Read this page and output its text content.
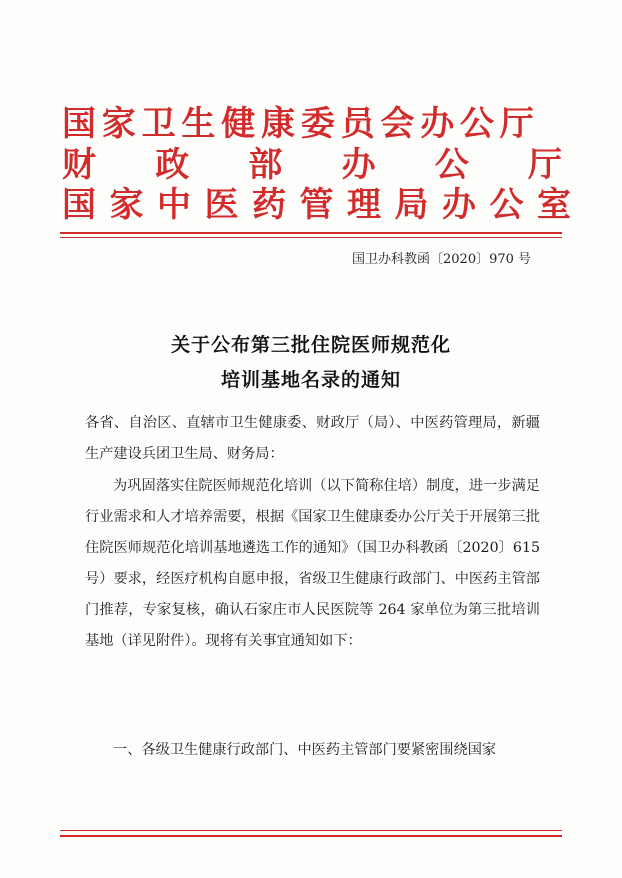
国家卫生健康委员会办公厅
财 政 部 办 公 厅
国家中医药管理局办公室
国卫办科教函〔2020〕970 号
关于公布第三批住院医师规范化
培训基地名录的通知
各省、自治区、直辖市卫生健康委、财政厅（局）、中医药管理局，新疆生产建设兵团卫生局、财务局：
为巩固落实住院医师规范化培训（以下简称住培）制度，进一步满足行业需求和人才培养需要，根据《国家卫生健康委办公厅关于开展第三批住院医师规范化培训基地遴选工作的通知》（国卫办科教函〔2020〕615 号）要求，经医疗机构自愿申报，省级卫生健康行政部门、中医药主管部门推荐，专家复核，确认石家庄市人民医院等 264 家单位为第三批培训基地（详见附件）。现将有关事宜通知如下：
一、各级卫生健康行政部门、中医药主管部门要紧密围绕国家
